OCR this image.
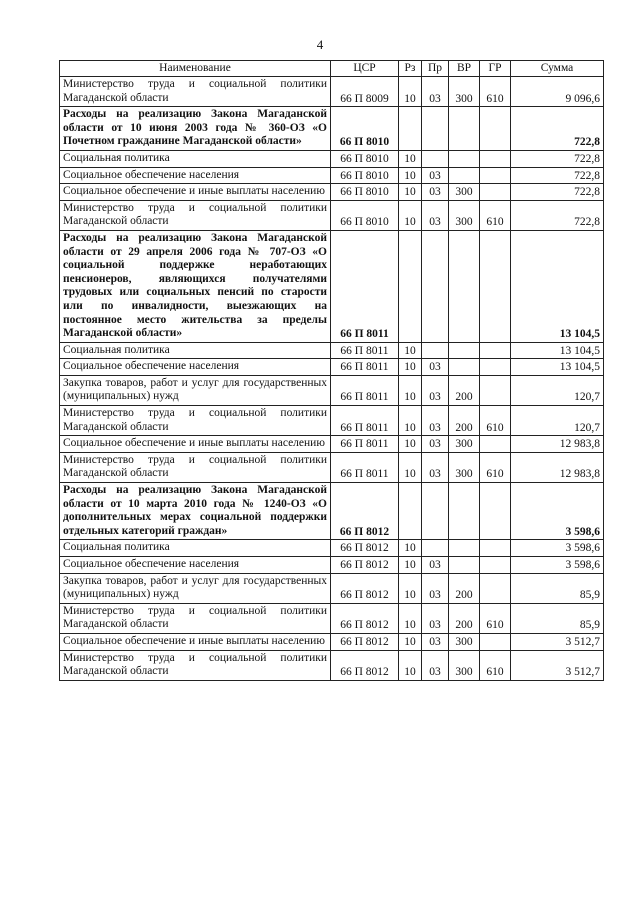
4
Наименование	ЦСР	Рз	Пр	ВР	ГР	Сумма
Министерство труда и социальной политики Магаданской области	66 П 8009	10	03	300	610	9 096,6
Расходы на реализацию Закона Магаданской области от 10 июня 2003 года № 360-ОЗ «О Почетном гражданине Магаданской области»	66 П 8010					722,8
Социальная политика	66 П 8010	10				722,8
Социальное обеспечение населения	66 П 8010	10	03			722,8
Социальное обеспечение и иные выплаты населению	66 П 8010	10	03	300		722,8
Министерство труда и социальной политики Магаданской области	66 П 8010	10	03	300	610	722,8
Расходы на реализацию Закона Магаданской области от 29 апреля 2006 года № 707-ОЗ «О социальной поддержке неработающих пенсионеров, являющихся получателями трудовых или социальных пенсий по старости или по инвалидности, выезжающих на постоянное место жительства за пределы Магаданской области»	66 П 8011					13 104,5
Социальная политика	66 П 8011	10				13 104,5
Социальное обеспечение населения	66 П 8011	10	03			13 104,5
Закупка товаров, работ и услуг для государственных (муниципальных) нужд	66 П 8011	10	03	200		120,7
Министерство труда и социальной политики Магаданской области	66 П 8011	10	03	200	610	120,7
Социальное обеспечение и иные выплаты населению	66 П 8011	10	03	300		12 983,8
Министерство труда и социальной политики Магаданской области	66 П 8011	10	03	300	610	12 983,8
Расходы на реализацию Закона Магаданской области от 10 марта 2010 года № 1240-ОЗ «О дополнительных мерах социальной поддержки отдельных категорий граждан»	66 П 8012					3 598,6
Социальная политика	66 П 8012	10				3 598,6
Социальное обеспечение населения	66 П 8012	10	03			3 598,6
Закупка товаров, работ и услуг для государственных (муниципальных) нужд	66 П 8012	10	03	200		85,9
Министерство труда и социальной политики Магаданской области	66 П 8012	10	03	200	610	85,9
Социальное обеспечение и иные выплаты населению	66 П 8012	10	03	300		3 512,7
Министерство труда и социальной политики Магаданской области	66 П 8012	10	03	300	610	3 512,7
